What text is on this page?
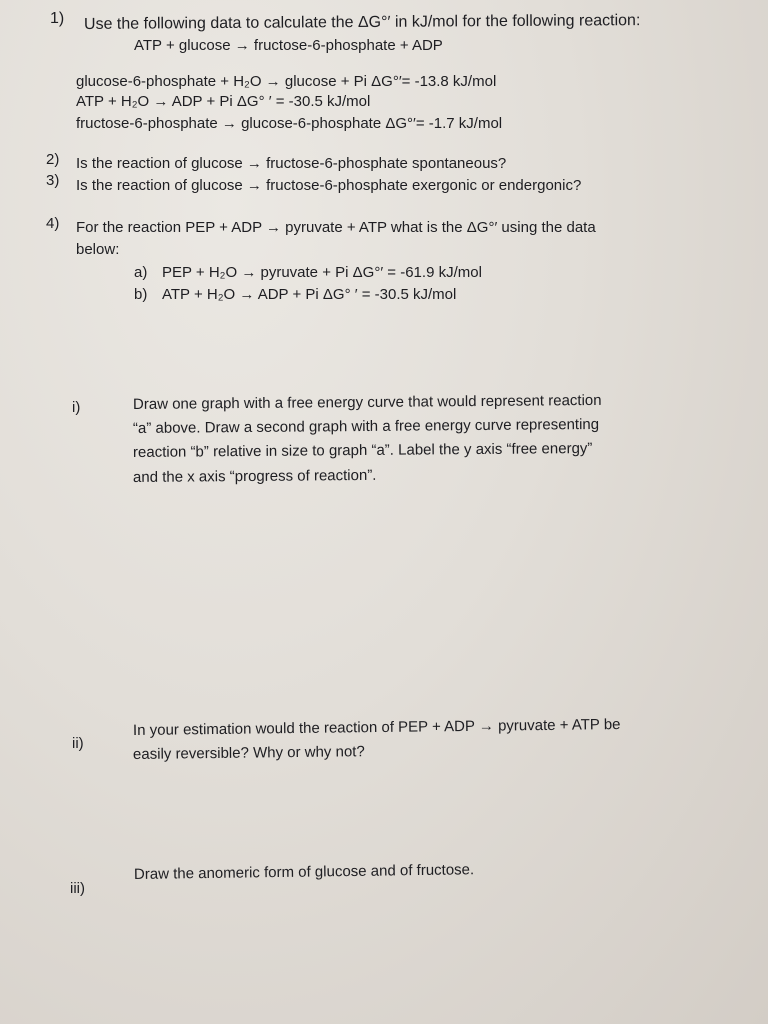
1) Use the following data to calculate the ΔG°′ in kJ/mol for the following reaction:
ATP + glucose → fructose-6-phosphate + ADP
glucose-6-phosphate + H₂O → glucose + Pi ΔG°′= -13.8 kJ/mol
ATP + H₂O → ADP + Pi ΔG° ′ = -30.5 kJ/mol
fructose-6-phosphate → glucose-6-phosphate ΔG°′= -1.7 kJ/mol
2) Is the reaction of glucose → fructose-6-phosphate spontaneous?
3) Is the reaction of glucose → fructose-6-phosphate exergonic or endergonic?
4) For the reaction PEP + ADP → pyruvate + ATP what is the ΔG°′ using the data
below:
a) PEP + H₂O → pyruvate + Pi ΔG°′ = -61.9 kJ/mol
b) ATP + H₂O → ADP + Pi ΔG° ′ = -30.5 kJ/mol
i)	Draw one graph with a free energy curve that would represent reaction
“a” above. Draw a second graph with a free energy curve representing
reaction “b” relative in size to graph “a”. Label the y axis “free energy”
and the x axis “progress of reaction”.
ii)
In your estimation would the reaction of PEP + ADP → pyruvate + ATP be
easily reversible? Why or why not?
iii)
Draw the anomeric form of glucose and of fructose.
